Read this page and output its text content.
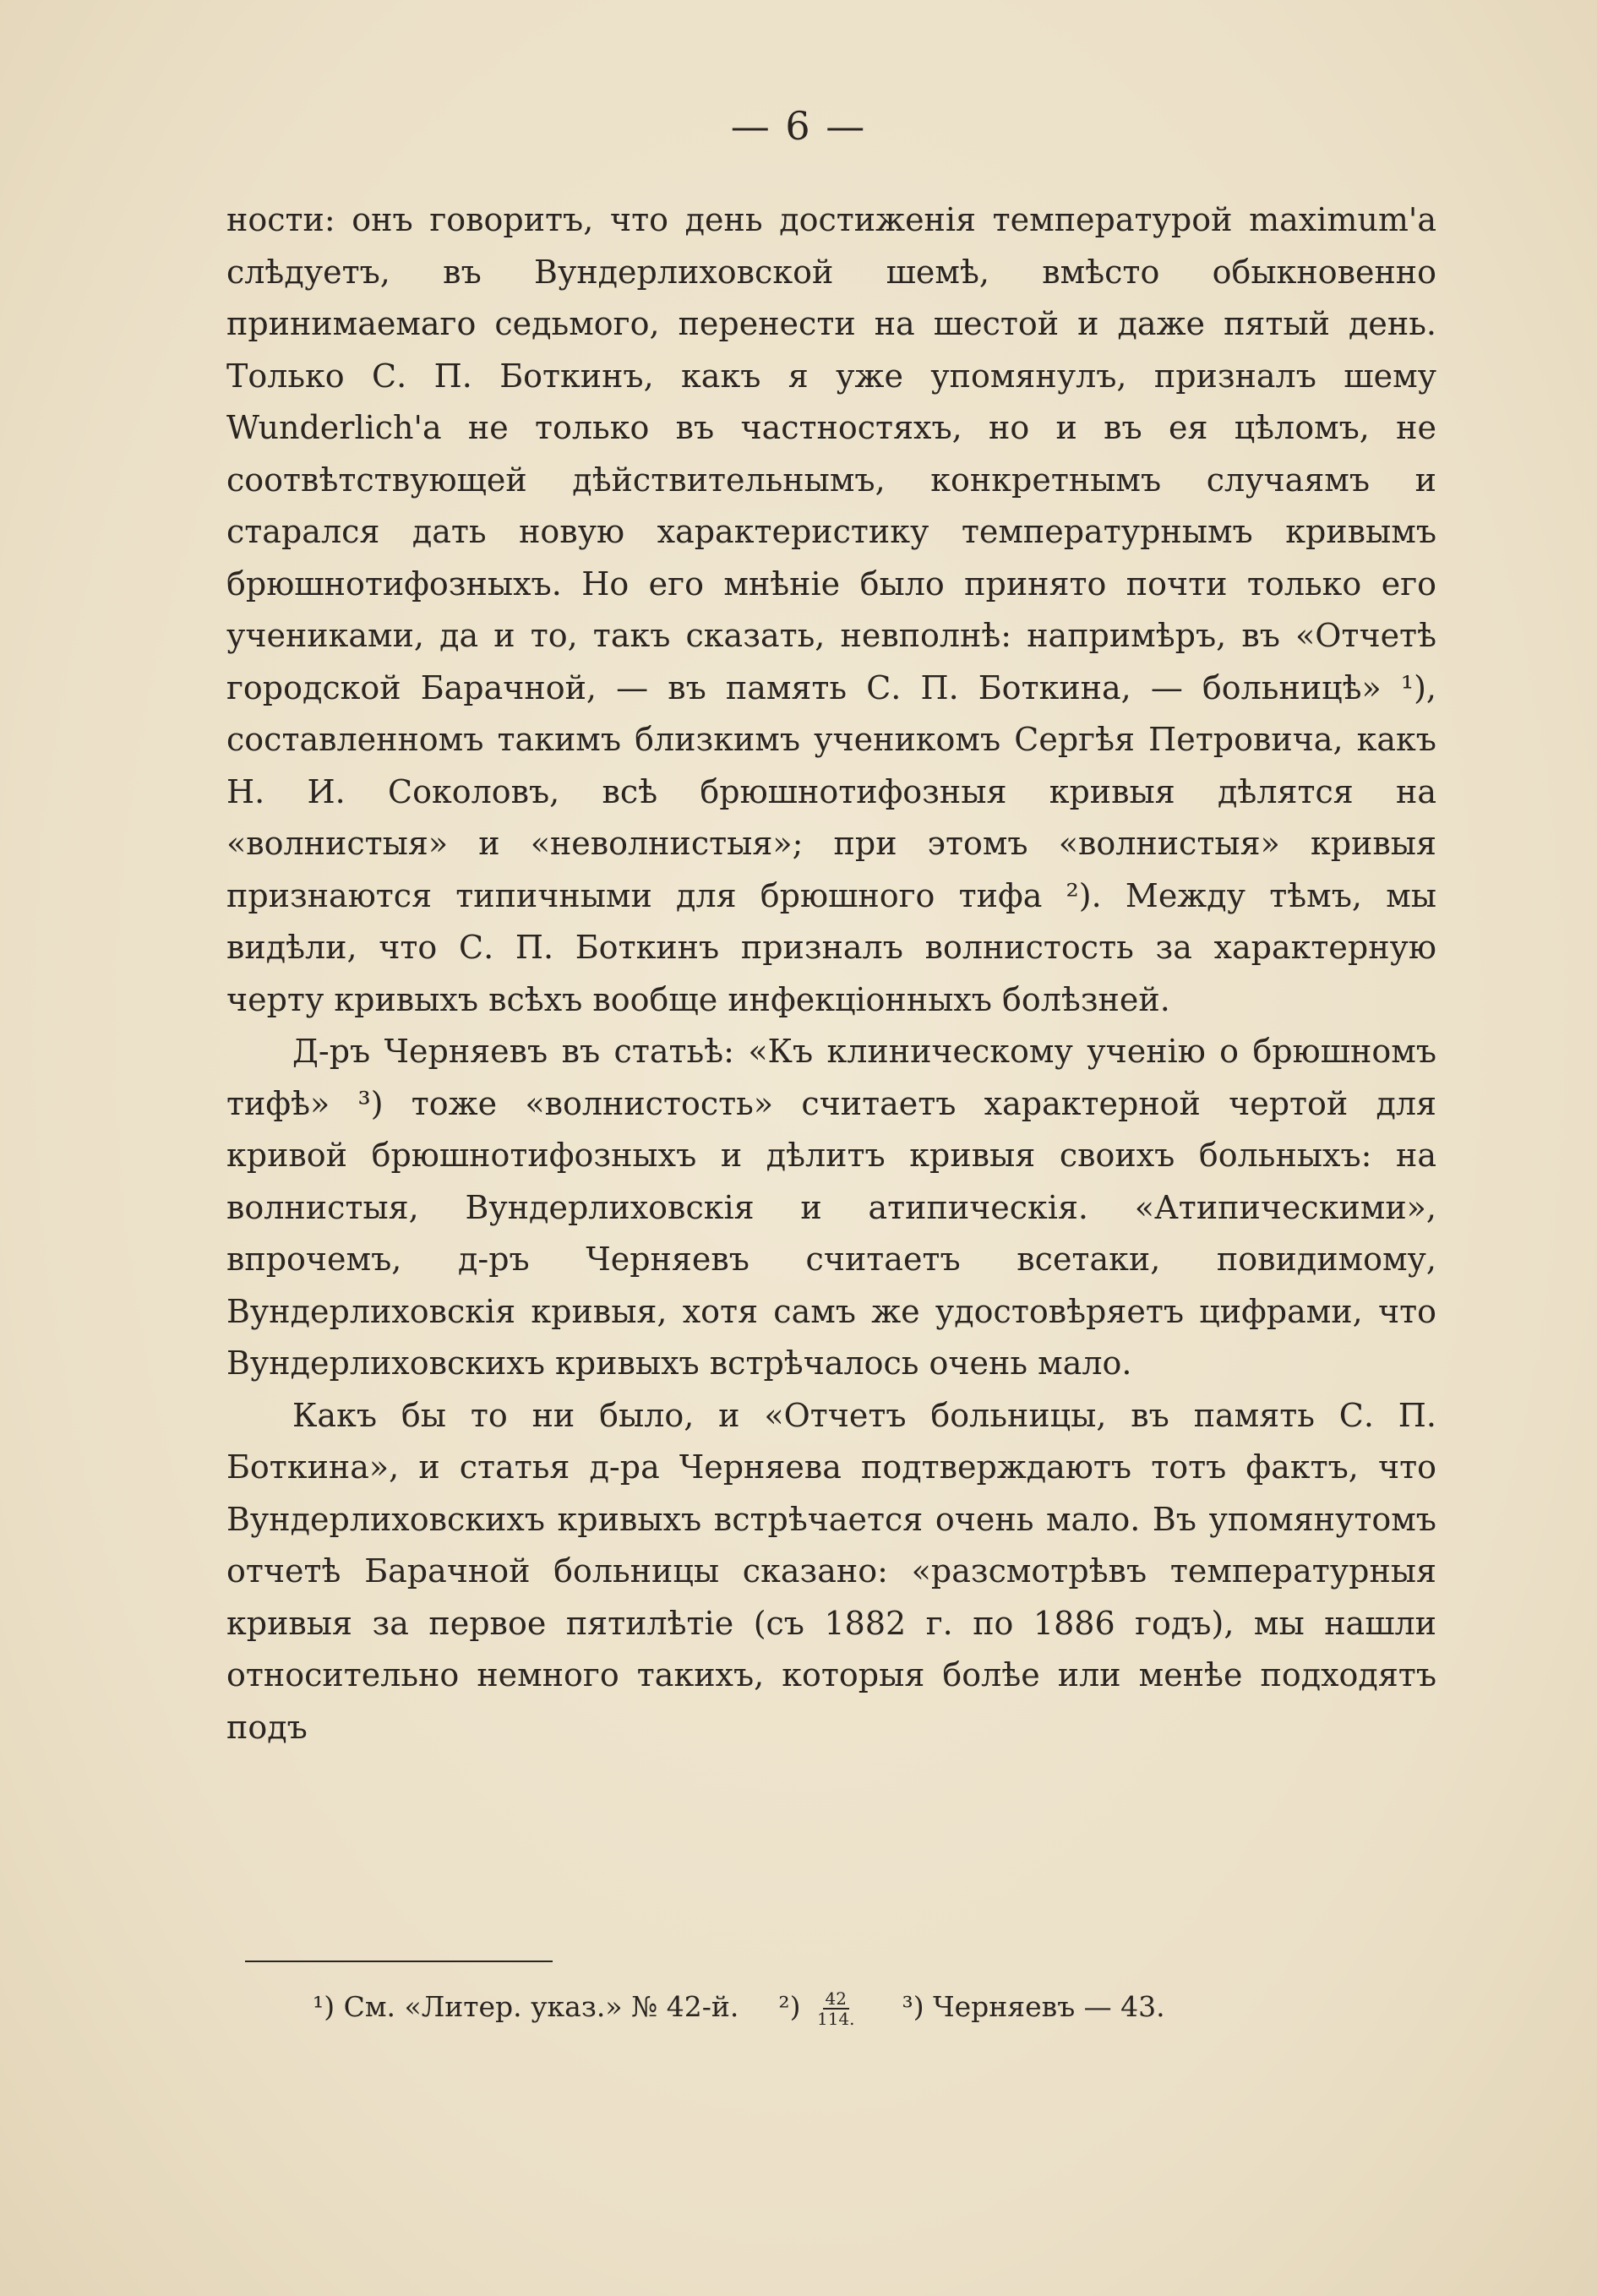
— 6 —

ности: онъ говоритъ, что день достиженія температурой maximum'а слѣдуетъ, въ Вундерлиховской шемѣ, вмѣсто обыкновенно принимаемаго седьмого, перенести на шестой и даже пятый день. Только С. П. Боткинъ, какъ я уже упомянулъ, призналъ шему Wunderlich'а не только въ частностяхъ, но и въ ея цѣломъ, не соотвѣтствующей дѣйствительнымъ, конкретнымъ случаямъ и старался дать новую характеристику температурнымъ кривымъ брюшнотифозныхъ. Но его мнѣніе было принято почти только его учениками, да и то, такъ сказать, невполнѣ: напримѣръ, въ «Отчетѣ городской Барачной, — въ память С. П. Боткина, — больницѣ» ¹), составленномъ такимъ близкимъ ученикомъ Сергѣя Петровича, какъ Н. И. Соколовъ, всѣ брюшнотифозныя кривыя дѣлятся на «волнистыя» и «неволнистыя»; при этомъ «волнистыя» кривыя признаются типичными для брюшного тифа ²). Между тѣмъ, мы видѣли, что С. П. Боткинъ призналъ волнистость за характерную черту кривыхъ всѣхъ вообще инфекціонныхъ болѣзней.

Д-ръ Черняевъ въ статьѣ: «Къ клиническому ученію о брюшномъ тифѣ» ³) тоже «волнистость» считаетъ характерной чертой для кривой брюшнотифозныхъ и дѣлитъ кривыя своихъ больныхъ: на волнистыя, Вундерлиховскія и атипическія. «Атипическими», впрочемъ, д-ръ Черняевъ считаетъ всетаки, повидимому, Вундерлиховскія кривыя, хотя самъ же удостовѣряетъ цифрами, что Вундерлиховскихъ кривыхъ встрѣчалось очень мало.

Какъ бы то ни было, и «Отчетъ больницы, въ память С. П. Боткина», и статья д-ра Черняева подтверждаютъ тотъ фактъ, что Вундерлиховскихъ кривыхъ встрѣчается очень мало. Въ упомянутомъ отчетѣ Барачной больницы сказано: «разсмотрѣвъ температурныя кривыя за первое пятилѣтіе (съ 1882 г. по 1886 годъ), мы нашли относительно немного такихъ, которыя болѣе или менѣе подходятъ подъ

¹) См. «Литер. указ.» № 42-й. $^2) \frac{42}{114.} ^3$) Черняевъ — 43.
